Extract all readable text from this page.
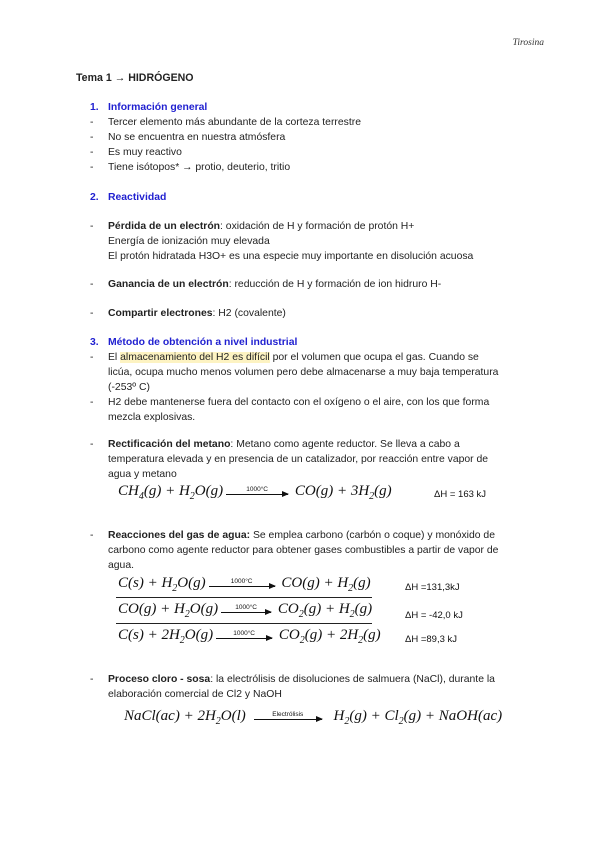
Tirosina
Tema 1 → HIDRÓGENO
1. Información general
- Tercer elemento más abundante de la corteza terrestre
- No se encuentra en nuestra atmósfera
- Es muy reactivo
- Tiene isótopos* → protio, deuterio, tritio
2. Reactividad
- Pérdida de un electrón: oxidación de H y formación de protón H+
Energía de ionización muy elevada
El protón hidratada H3O+ es una especie muy importante en disolución acuosa
- Ganancia de un electrón: reducción de H y formación de ion hidruro H-
- Compartir electrones: H2 (covalente)
3. Método de obtención a nivel industrial
- El almacenamiento del H2 es difícil por el volumen que ocupa el gas. Cuando se
licúa, ocupa mucho menos volumen pero debe almacenarse a muy baja temperatura
(-253º C)
- H2 debe mantenerse fuera del contacto con el oxígeno o el aire, con los que forma
mezcla explosivas.
- Rectificación del metano: Metano como agente reductor. Se lleva a cabo a
temperatura elevada y en presencia de un catalizador, por reacción entre vapor de
agua y metano
$CH_4(g) + H_2O(g)$	1000°C	$CO(g) + 3H_2(g)$	ΔH = 163 kJ
- Reacciones del gas de agua: Se emplea carbono (carbón o coque) y monóxido de
carbono como agente reductor para obtener gases combustibles a partir de vapor de
agua.
$C(s) + H_2O(g)$	1000°C	$CO(g) + H_2(g)$	ΔH =131,3kJ
$CO(g) + H_2O(g)$	1000°C	$CO_2(g) + H_2(g)$	ΔH = -42,0 kJ
$C(s) + 2H_2O(g)$	1000°C	$CO_2(g) + 2H_2(g)$	ΔH =89,3 kJ
- Proceso cloro - sosa: la electrólisis de disoluciones de salmuera (NaCl), durante la
elaboración comercial de Cl2 y NaOH
NaCl(ac) + $2H_2O(l)$	Electrólisis	$H_2(g) + Cl_2(g)$ + NaOH(ac)
